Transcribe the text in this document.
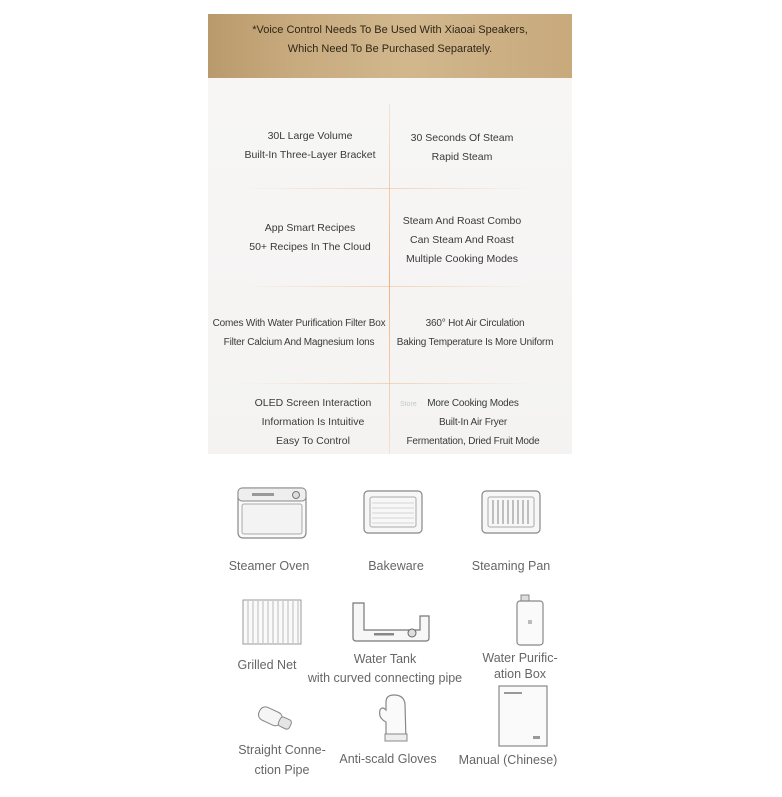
*Voice Control Needs To Be Used With Xiaoai Speakers,
Which Need To Be Purchased Separately.
30L Large Volume
Built-In Three-Layer Bracket
30 Seconds Of Steam
Rapid Steam
App Smart Recipes
50+ Recipes In The Cloud
Steam And Roast Combo
Can Steam And Roast
Multiple Cooking Modes
Comes With Water Purification Filter Box
Filter Calcium And Magnesium Ions
360° Hot Air Circulation
Baking Temperature Is More Uniform
OLED Screen Interaction
Information Is Intuitive
Easy To Control
Store	More Cooking Modes
Built-In Air Fryer
Fermentation, Dried Fruit Mode
Steamer Oven	Bakeware	Steaming Pan
Grilled Net	Water Tank
with curved connecting pipe
Water Purific-
ation Box
Straight Conne-
ction Pipe
Anti-scald Gloves	Manual (Chinese)
